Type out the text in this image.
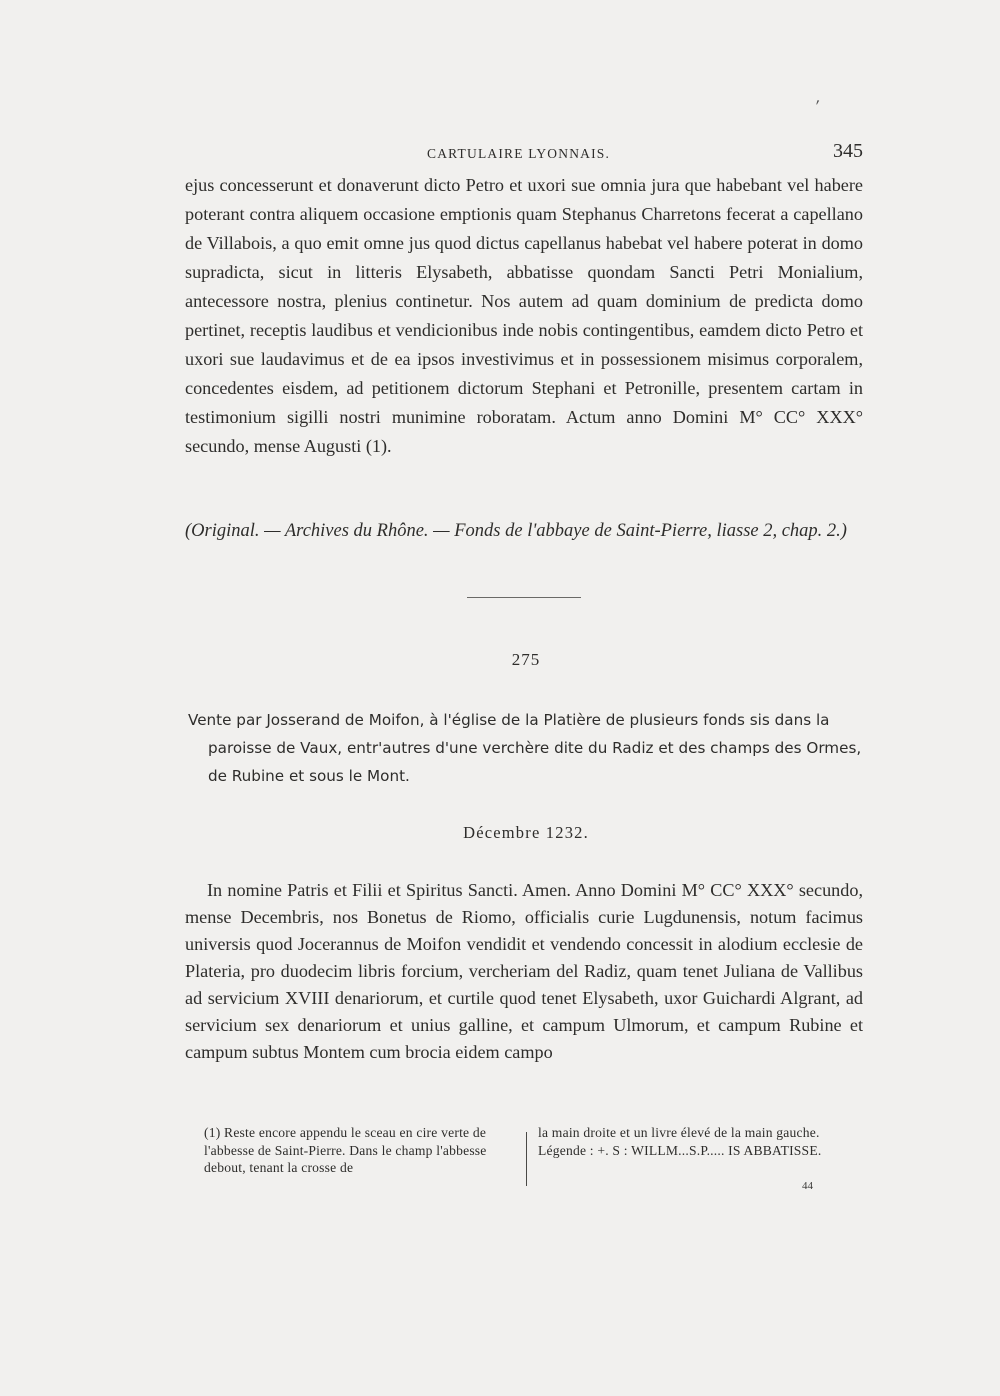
′
CARTULAIRE LYONNAIS.	345

ejus concesserunt et donaverunt dicto Petro et uxori sue omnia jura que habebant vel habere poterant contra aliquem occasione emptionis quam Stephanus Charretons fecerat a capellano de Villabois, a quo emit omne jus quod dictus capellanus habebat vel habere poterat in domo supradicta, sicut in litteris Elysabeth, abbatisse quondam Sancti Petri Monialium, antecessore nostra, plenius continetur. Nos autem ad quam dominium de predicta domo pertinet, receptis laudibus et vendicionibus inde nobis contingentibus, eamdem dicto Petro et uxori sue laudavimus et de ea ipsos investivimus et in possessionem misimus corporalem, concedentes eisdem, ad petitionem dictorum Stephani et Petronille, presentem cartam in testimonium sigilli nostri munimine roboratam. Actum anno Domini M° CC° XXX° secundo, mense Augusti (1).

(Original. — Archives du Rhône. — Fonds de l'abbaye de Saint-Pierre, liasse 2, chap. 2.)

275

Vente par Josserand de Moifon, à l'église de la Platière de plusieurs fonds sis dans la paroisse de Vaux, entr'autres d'une verchère dite du Radiz et des champs des Ormes, de Rubine et sous le Mont.

Décembre 1232.

In nomine Patris et Filii et Spiritus Sancti. Amen. Anno Domini M° CC° XXX° secundo, mense Decembris, nos Bonetus de Riomo, officialis curie Lugdunensis, notum facimus universis quod Jocerannus de Moifon vendidit et vendendo concessit in alodium ecclesie de Plateria, pro duodecim libris forcium, vercheriam del Radiz, quam tenet Juliana de Vallibus ad servicium XVIII denariorum, et curtile quod tenet Elysabeth, uxor Guichardi Algrant, ad servicium sex denariorum et unius galline, et campum Ulmorum, et campum Rubine et campum subtus Montem cum brocia eidem campo

(1) Reste encore appendu le sceau en cire verte de l'abbesse de Saint-Pierre. Dans le champ l'abbesse debout, tenant la crosse de
la main droite et un livre élevé de la main gauche. Légende : +. S : WILLM...S.P..... IS ABBATISSE.
44
